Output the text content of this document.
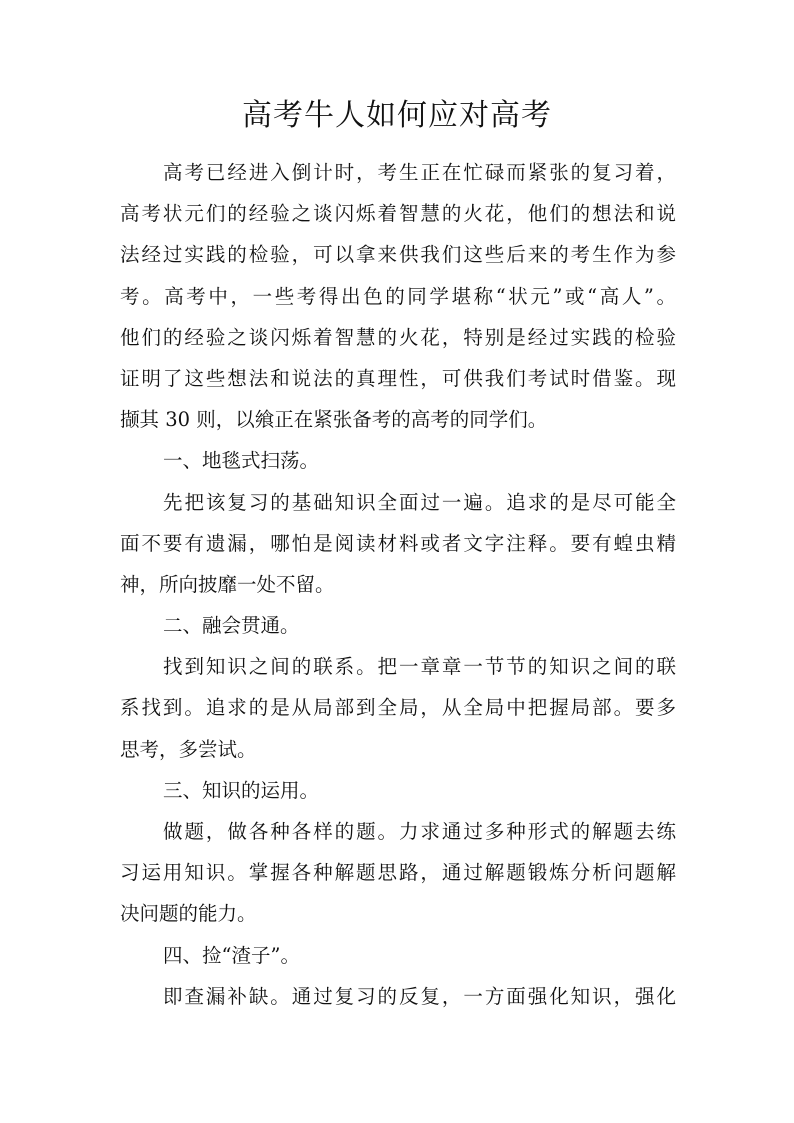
高考牛人如何应对高考
高考已经进入倒计时，考生正在忙碌而紧张的复习着，
高考状元们的经验之谈闪烁着智慧的火花，他们的想法和说
法经过实践的检验，可以拿来供我们这些后来的考生作为参
考。高考中，一些考得出色的同学堪称“状元”或“高人”。
他们的经验之谈闪烁着智慧的火花，特别是经过实践的检验
证明了这些想法和说法的真理性，可供我们考试时借鉴。现
撷其 30 则，以飨正在紧张备考的高考的同学们。
一、地毯式扫荡。
先把该复习的基础知识全面过一遍。追求的是尽可能全
面不要有遗漏，哪怕是阅读材料或者文字注释。要有蝗虫精
神，所向披靡一处不留。
二、融会贯通。
找到知识之间的联系。把一章章一节节的知识之间的联
系找到。追求的是从局部到全局，从全局中把握局部。要多
思考，多尝试。
三、知识的运用。
做题，做各种各样的题。力求通过多种形式的解题去练
习运用知识。掌握各种解题思路，通过解题锻炼分析问题解
决问题的能力。
四、捡“渣子”。
即查漏补缺。通过复习的反复，一方面强化知识，强化
